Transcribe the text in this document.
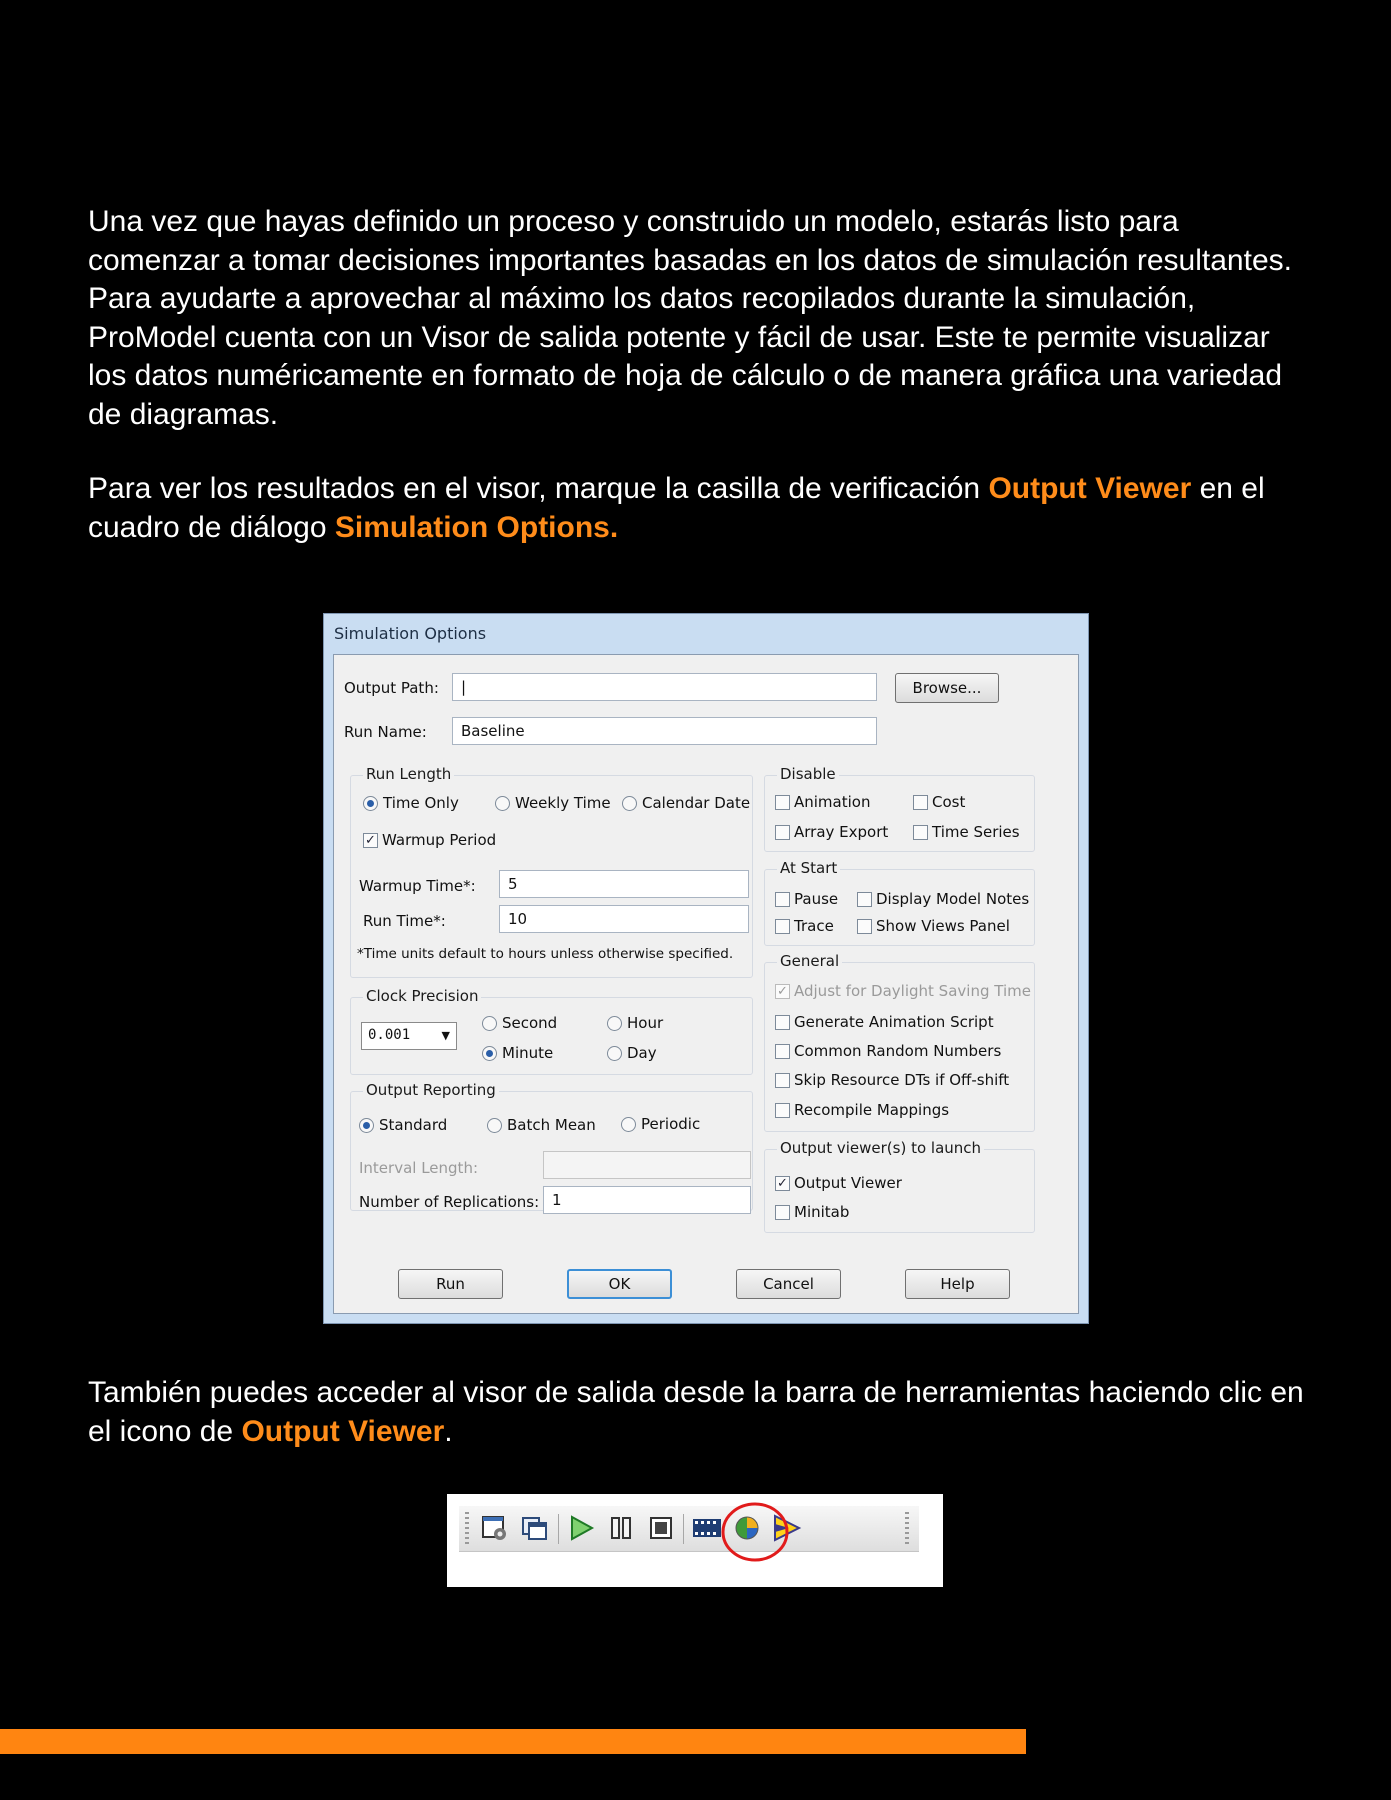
Una vez que hayas definido un proceso y construido un modelo, estarás listo para comenzar a tomar decisiones importantes basadas en los datos de simulación resultantes. Para ayudarte a aprovechar al máximo los datos recopilados durante la simulación, ProModel cuenta con un Visor de salida potente y fácil de usar. Este te permite visualizar los datos numéricamente en formato de hoja de cálculo o de manera gráfica una variedad de diagramas.

Para ver los resultados en el visor, marque la casilla de verificación Output Viewer en el cuadro de diálogo Simulation Options.

Simulation Options
Output Path:	|	Browse...
Run Name:	Baseline
Run Length
Time Only	Weekly Time Calendar Date
✓ Warmup Period
Warmup Time*:	5
Run Time*:	10
*Time units default to hours unless otherwise specified.
Clock Precision
0.001	▼
Second	Hour
Minute	Day
Output Reporting
Standard	Batch Mean	Periodic
Interval Length:
Number of Replications: 1
Disable
Animation	Cost
Array Export	Time Series
At Start
Pause	Display Model Notes
Trace	Show Views Panel
General
✓ Adjust for Daylight Saving Time
Generate Animation Script
Common Random Numbers
Skip Resource DTs if Off-shift
Recompile Mappings
Output viewer(s) to launch
✓ Output Viewer
Minitab
Run	OK	Cancel	Help

También puedes acceder al visor de salida desde la barra de herramientas haciendo clic en el icono de Output Viewer.
